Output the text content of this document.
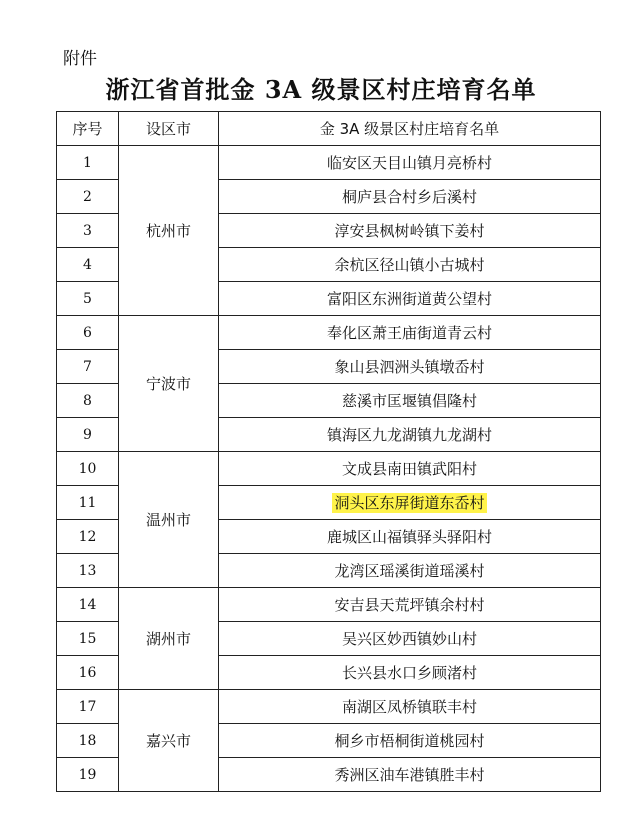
附件
浙江省首批金 3A 级景区村庄培育名单
序号	设区市	金 3A 级景区村庄培育名单
1	杭州市	临安区天目山镇月亮桥村
2		桐庐县合村乡后溪村
3		淳安县枫树岭镇下姜村
4		余杭区径山镇小古城村
5		富阳区东洲街道黄公望村
6	宁波市	奉化区萧王庙街道青云村
7		象山县泗洲头镇墩岙村
8		慈溪市匡堰镇倡隆村
9		镇海区九龙湖镇九龙湖村
10	温州市	文成县南田镇武阳村
11		洞头区东屏街道东岙村
12		鹿城区山福镇驿头驿阳村
13		龙湾区瑶溪街道瑶溪村
14	湖州市	安吉县天荒坪镇余村村
15		吴兴区妙西镇妙山村
16		长兴县水口乡顾渚村
17	嘉兴市	南湖区凤桥镇联丰村
18		桐乡市梧桐街道桃园村
19		秀洲区油车港镇胜丰村
